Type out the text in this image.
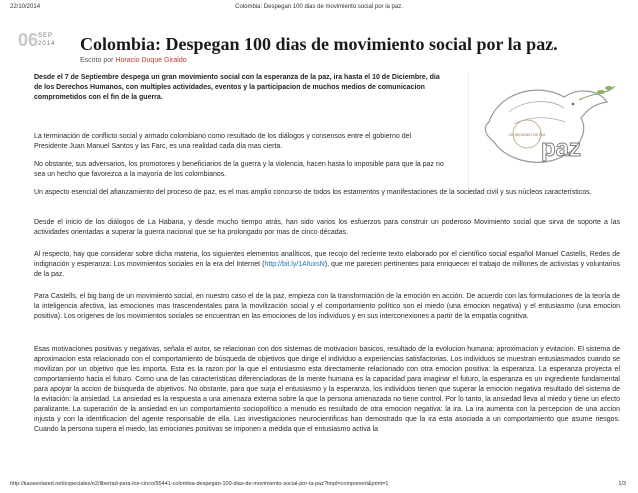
22/10/2014	Colombia: Despegan 100 dias de movimiento social por la paz.
06 SEP
2014 Colombia: Despegan 100 dias de movimiento social por la paz.
Escrito por Horacio Duque Giraldo

Desde el 7 de Septiembre despega un gran movimiento social con la esperanza de la paz, ira hasta el 10 de Diciembre, dia de los Derechos Humanos, con multiples actividades, eventos y la participacion de muchos medios de comunicacion comprometidos con el fin de la guerra.

UN SEGUNDO DE PAZ
paz

La terminación de conflicto social y armado colombiano como resultado de los diálogos y consensos entre el gobierno del Presidente Juan Manuel Santos y las Farc, es una realidad cada día mas cierta.

No obstante, sus adversarios, los promotores y beneficiarios de la guerra y la violencia, hacen hasta lo imposible para que la paz no sea un hecho que favorezca a la mayoría de los colombianos.

Un aspecto esencial del afianzamiento del proceso de paz, es el mas amplio concurso de todos los estamentos y manifestaciones de la sociedad civil y sus núcleos característicos.

Desde el inicio de los diálogos de La Habana, y desde mucho tiempo atrás, han sido varios los esfuerzos para construir un poderoso Movimiento social que sirva de soporte a las actividades orientadas a superar la guerra nacional que se ha prolongado por mas de cinco décadas.

Al respecto, hay que considerar sobre dicha materia, los siguientes elementos analíticos, que recojo del reciente texto elaborado por el científico social español Manuel Castells, Redes de indignación y esperanza: Los movimientos sociales en la era del Internet (http://bit.ly/1AfuxsN), que me parecen pertinentes para enriquecer el trabajo de millones de activistas y voluntarios de la paz.

Para Castells, el big bang de un movimiento social, en nuestro caso el de la paz, empieza con la transformación de la emoción en acción. De acuerdo con las formulaciones de la teoría de la inteligencia afectiva, las emociones mas trascendentales para la movilización social y el comportamiento político son el miedo (una emocion negativa) y el entusiasmo (una emocion positiva). Los orígenes de los movimientos sociales se encuentran en las emociones de los individuos y en sus interconexiones a partir de la empatía cognitiva.

Esas motivaciones positivas y negativas, señala el autor, se relacionan con dos sistemas de motivacion basicos, resultado de la evolucion humana: aproximacion y evitacion. El sistema de aproximacion esta relacionado con el comportamiento de búsqueda de objetivos que dirige el individuo a experiencias satisfactorias. Los individuos se muestran entusiasmados cuando se movilizan por un objetivo que les importa. Esta es la razon por la que el entusiasmo esta directamente relacionado con otra emocion positiva: la esperanza. La esperanza proyecta el comportamiento hacia el futuro. Como una de las características diferenciadoras de la mente humana es la capacidad para imaginar el futuro, la esperanza es un ingrediente fundamental para apoyar la accion de busqueda de objetivos. No obstante, para que surja el entusiasmo y la esperanza, los individuos tienen que superar la emocion negativa resultado del sistema de la evitación: la ansiedad. La ansiedad es la respuesta a una amenaza externa sobre la que la persona amenazada no tiene control. Por lo tanto, la ansiedad lleva al miedo y tiene un efecto paralizante. La superación de la ansiedad en un comportamiento sociopolítico a menudo es resultado de otra emocion negativa: la ira. La ira aumenta con la percepcion de una accion injusta y con la identificacion del agente responsable de ella. Las investigaciones neurocientificas han demostrado que la ira esta asociada a un comportamiento que asume riesgos. Cuando la persona supera el miedo, las emociones positivas se imponen a medida que el entusiasmo activa la

http://kaosenlared.net/especiales/e2/libertad-para-los-cinco/95441-colombia-despegan-100-dias-de-movimiento-social-por-la-paz?tmpl=component&print=1	1/3
